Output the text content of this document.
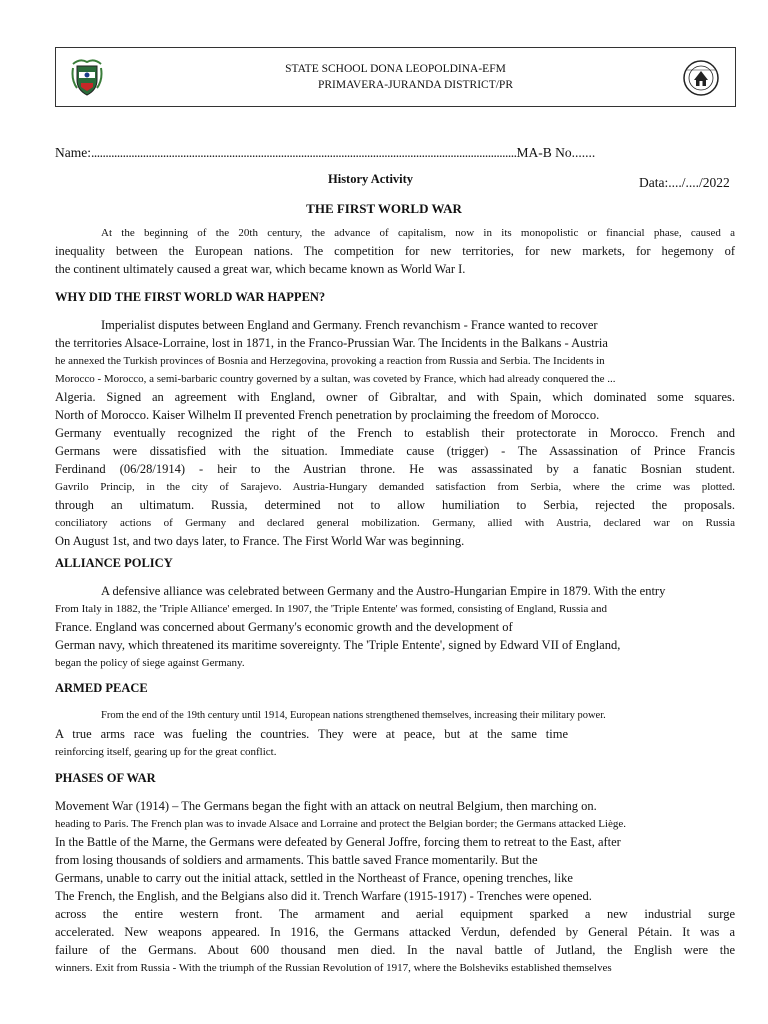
STATE SCHOOL DONA LEOPOLDINA-EFM
PRIMAVERA-JURANDA DISTRICT/PR
Name:....................................................................................................................................................MA-B No.......
History Activity	Data:..../..../2022
THE FIRST WORLD WAR
At the beginning of the 20th century, the advance of capitalism, now in its monopolistic or financial phase, caused a
inequality between the European nations. The competition for new territories, for new markets, for hegemony of
the continent ultimately caused a great war, which became known as World War I.
WHY DID THE FIRST WORLD WAR HAPPEN?
Imperialist disputes between England and Germany. French revanchism - France wanted to recover
the territories Alsace-Lorraine, lost in 1871, in the Franco-Prussian War. The Incidents in the Balkans - Austria
he annexed the Turkish provinces of Bosnia and Herzegovina, provoking a reaction from Russia and Serbia. The Incidents in
Morocco - Morocco, a semi-barbaric country governed by a sultan, was coveted by France, which had already conquered the ...
Algeria. Signed an agreement with England, owner of Gibraltar, and with Spain, which dominated some squares.
North of Morocco. Kaiser Wilhelm II prevented French penetration by proclaiming the freedom of Morocco.
Germany eventually recognized the right of the French to establish their protectorate in Morocco. French and
Germans were dissatisfied with the situation. Immediate cause (trigger) - The Assassination of Prince Francis
Ferdinand (06/28/1914) - heir to the Austrian throne. He was assassinated by a fanatic Bosnian student.
Gavrilo Princip, in the city of Sarajevo. Austria-Hungary demanded satisfaction from Serbia, where the crime was plotted.
through an ultimatum. Russia, determined not to allow humiliation to Serbia, rejected the proposals.
conciliatory actions of Germany and declared general mobilization. Germany, allied with Austria, declared war on Russia
On August 1st, and two days later, to France. The First World War was beginning.
ALLIANCE POLICY
A defensive alliance was celebrated between Germany and the Austro-Hungarian Empire in 1879. With the entry
From Italy in 1882, the 'Triple Alliance' emerged. In 1907, the 'Triple Entente' was formed, consisting of England, Russia and
France. England was concerned about Germany's economic growth and the development of
German navy, which threatened its maritime sovereignty. The 'Triple Entente', signed by Edward VII of England,
began the policy of siege against Germany.
ARMED PEACE
From the end of the 19th century until 1914, European nations strengthened themselves, increasing their military power.
A true arms race was fueling the countries. They were at peace, but at the same time
reinforcing itself, gearing up for the great conflict.
PHASES OF WAR
Movement War (1914) – The Germans began the fight with an attack on neutral Belgium, then marching on.
heading to Paris. The French plan was to invade Alsace and Lorraine and protect the Belgian border; the Germans attacked Liège.
In the Battle of the Marne, the Germans were defeated by General Joffre, forcing them to retreat to the East, after
from losing thousands of soldiers and armaments. This battle saved France momentarily. But the
Germans, unable to carry out the initial attack, settled in the Northeast of France, opening trenches, like
The French, the English, and the Belgians also did it. Trench Warfare (1915-1917) - Trenches were opened.
across the entire western front. The armament and aerial equipment sparked a new industrial surge
accelerated. New weapons appeared. In 1916, the Germans attacked Verdun, defended by General Pétain. It was a
failure of the Germans. About 600 thousand men died. In the naval battle of Jutland, the English were the
winners. Exit from Russia - With the triumph of the Russian Revolution of 1917, where the Bolsheviks established themselves
